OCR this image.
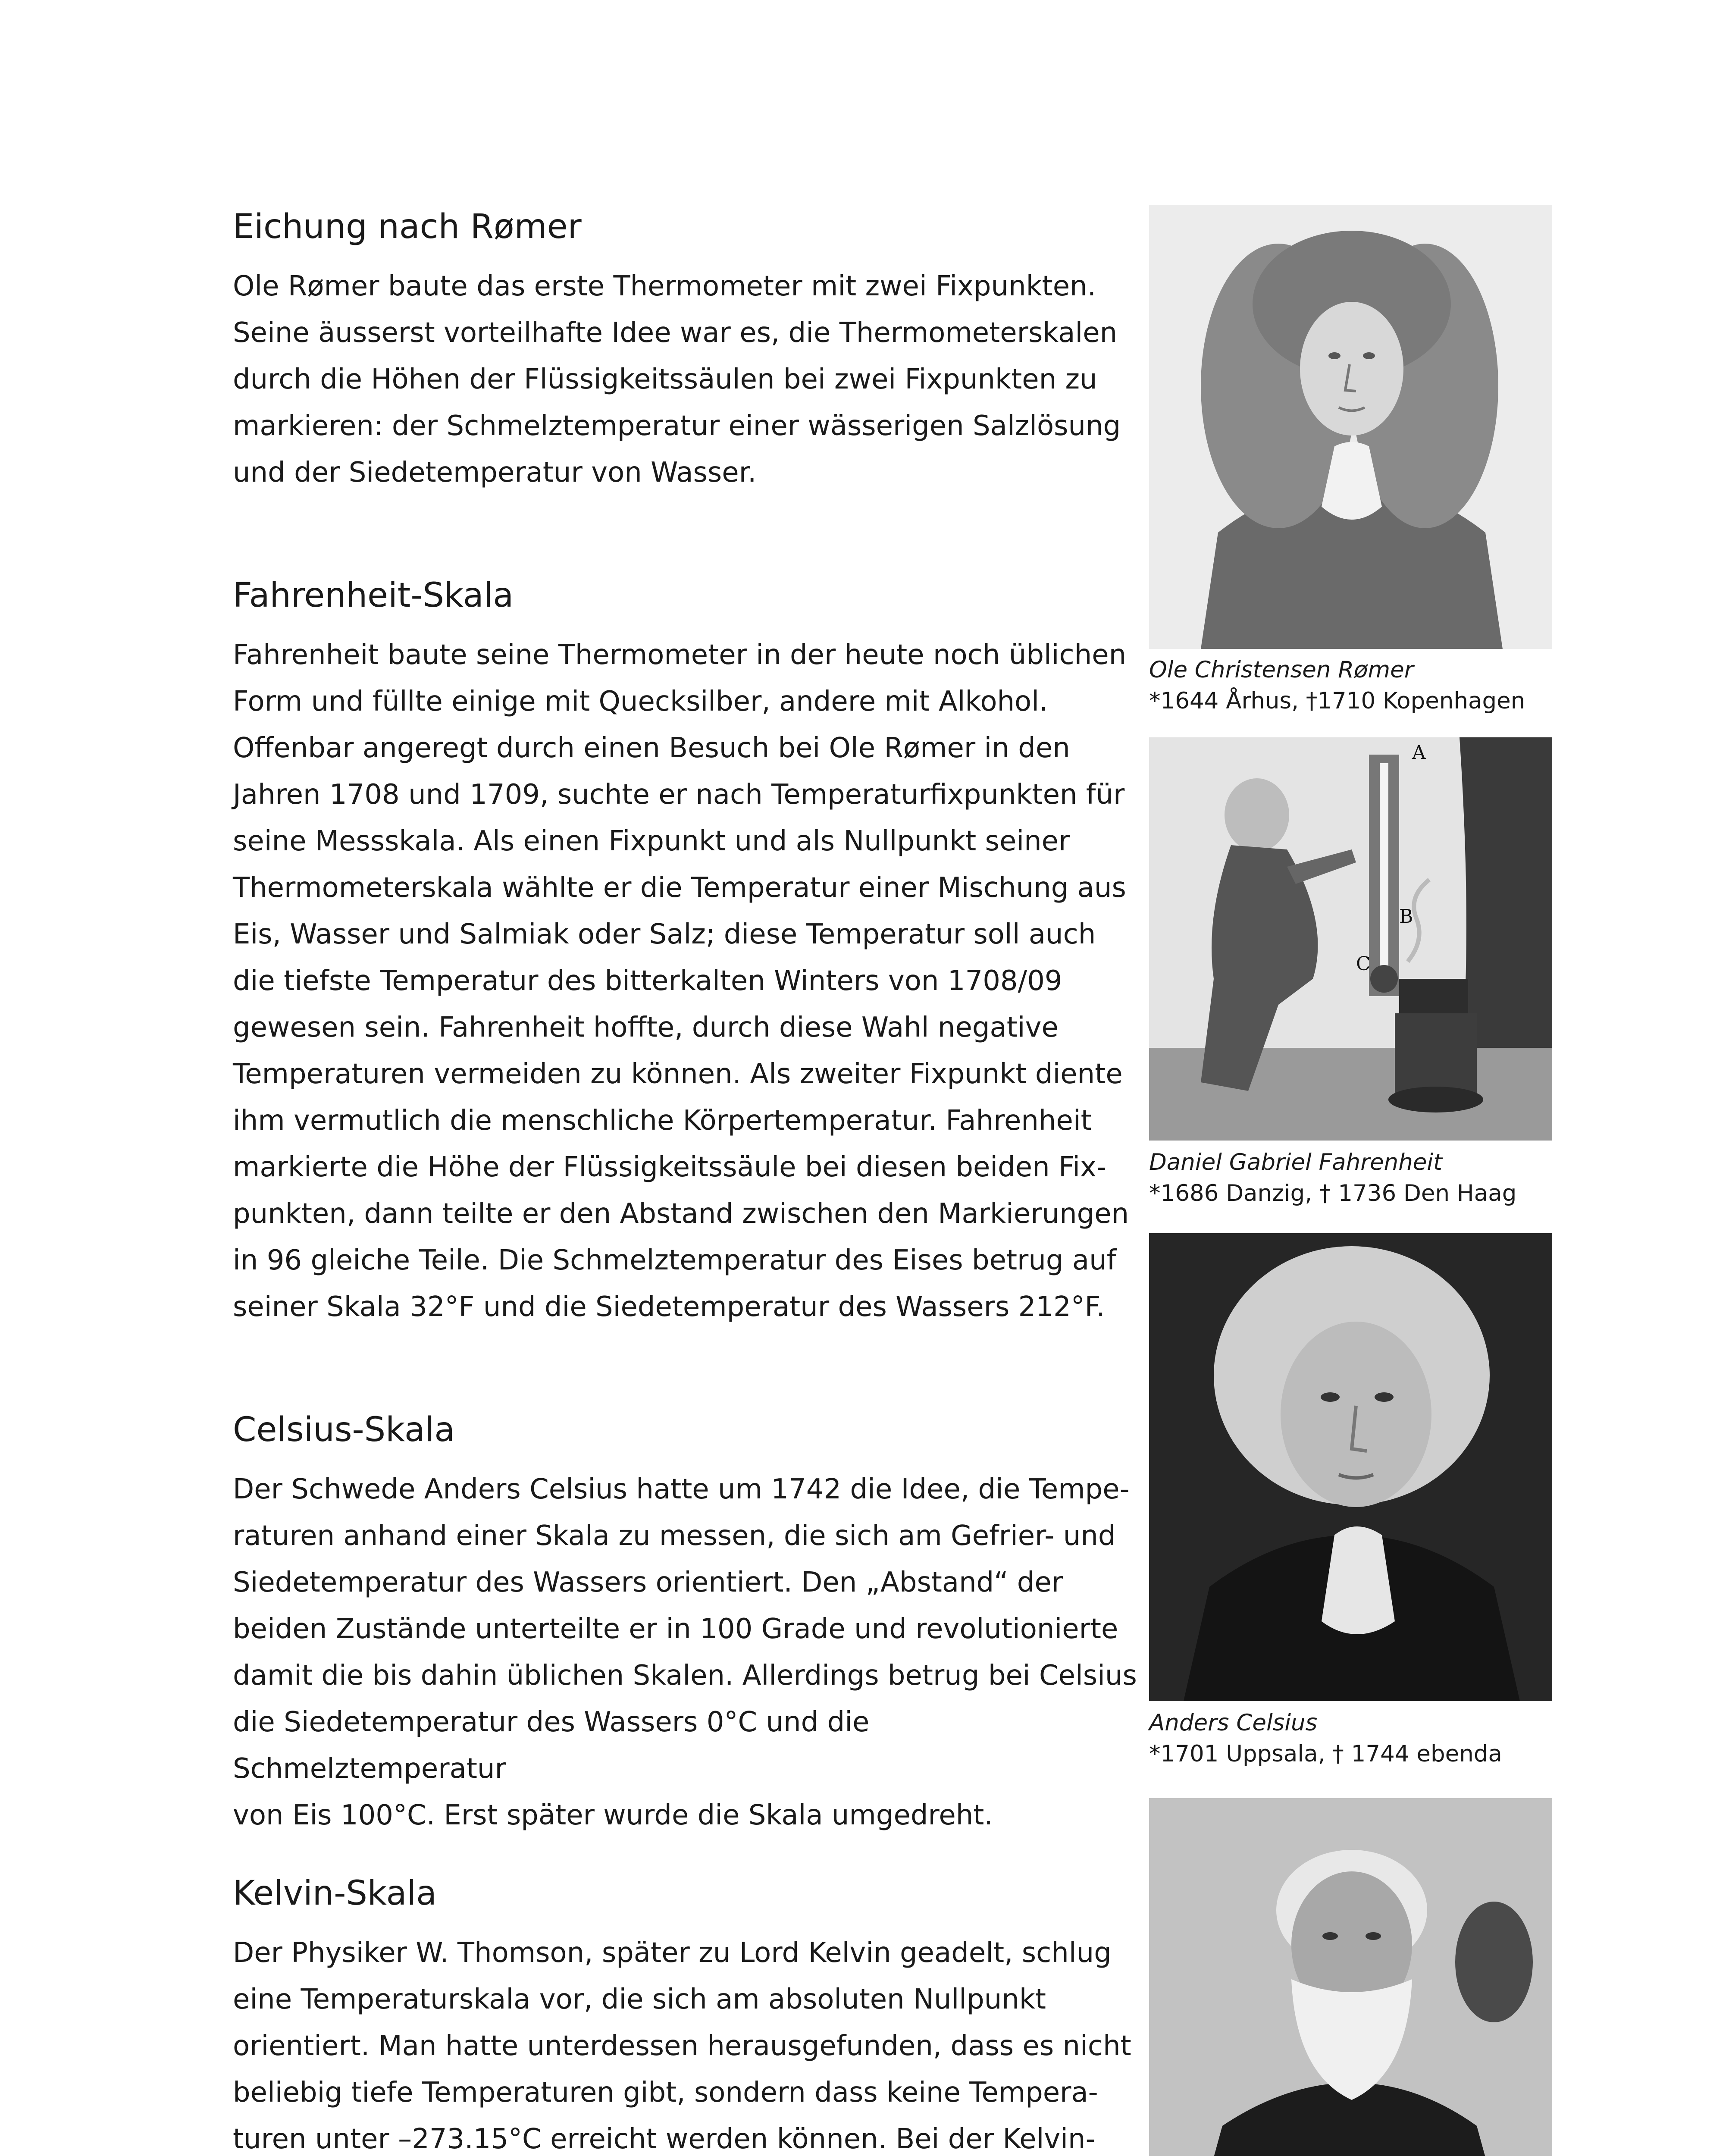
Eichung nach Rømer

Ole Rømer baute das erste Thermometer mit zwei Fixpunkten.
Seine äusserst vorteilhafte Idee war es, die Thermometerskalen
durch die Höhen der Flüssigkeitssäulen bei zwei Fixpunkten zu
markieren: der Schmelztemperatur einer wässerigen Salzlösung
und der Siedetemperatur von Wasser.

Fahrenheit-Skala

Fahrenheit baute seine Thermometer in der heute noch üblichen
Form und füllte einige mit Quecksilber, andere mit Alkohol.
Offenbar angeregt durch einen Besuch bei Ole Rømer in den
Jahren 1708 und 1709, suchte er nach Temperaturfixpunkten für
seine Messskala. Als einen Fixpunkt und als Nullpunkt seiner
Thermometerskala wählte er die Temperatur einer Mischung aus
Eis, Wasser und Salmiak oder Salz; diese Temperatur soll auch
die tiefste Temperatur des bitterkalten Winters von 1708/09
gewesen sein. Fahrenheit hoffte, durch diese Wahl negative
Temperaturen vermeiden zu können. Als zweiter Fixpunkt diente
ihm vermutlich die menschliche Körpertemperatur. Fahrenheit
markierte die Höhe der Flüssigkeitssäule bei diesen beiden Fix-
punkten, dann teilte er den Abstand zwischen den Markierungen
in 96 gleiche Teile. Die Schmelztemperatur des Eises betrug auf
seiner Skala 32°F und die Siedetemperatur des Wassers 212°F.

Celsius-Skala

Der Schwede Anders Celsius hatte um 1742 die Idee, die Tempe-
raturen anhand einer Skala zu messen, die sich am Gefrier- und
Siedetemperatur des Wassers orientiert. Den „Abstand“ der
beiden Zustände unterteilte er in 100 Grade und revolutionierte
damit die bis dahin üblichen Skalen. Allerdings betrug bei Celsius
die Siedetemperatur des Wassers 0°C und die Schmelztemperatur
von Eis 100°C. Erst später wurde die Skala umgedreht.

Kelvin-Skala

Der Physiker W. Thomson, später zu Lord Kelvin geadelt, schlug
eine Temperaturskala vor, die sich am absoluten Nullpunkt
orientiert. Man hatte unterdessen herausgefunden, dass es nicht
beliebig tiefe Temperaturen gibt, sondern dass keine Tempera-
turen unter –273.15°C erreicht werden können. Bei der Kelvin-

Ole Christensen Rømer
*1644 Århus, †1710 Kopenhagen
A
B
C
Daniel Gabriel Fahrenheit
*1686 Danzig, † 1736 Den Haag
Anders Celsius
*1701 Uppsala, † 1744 ebenda
